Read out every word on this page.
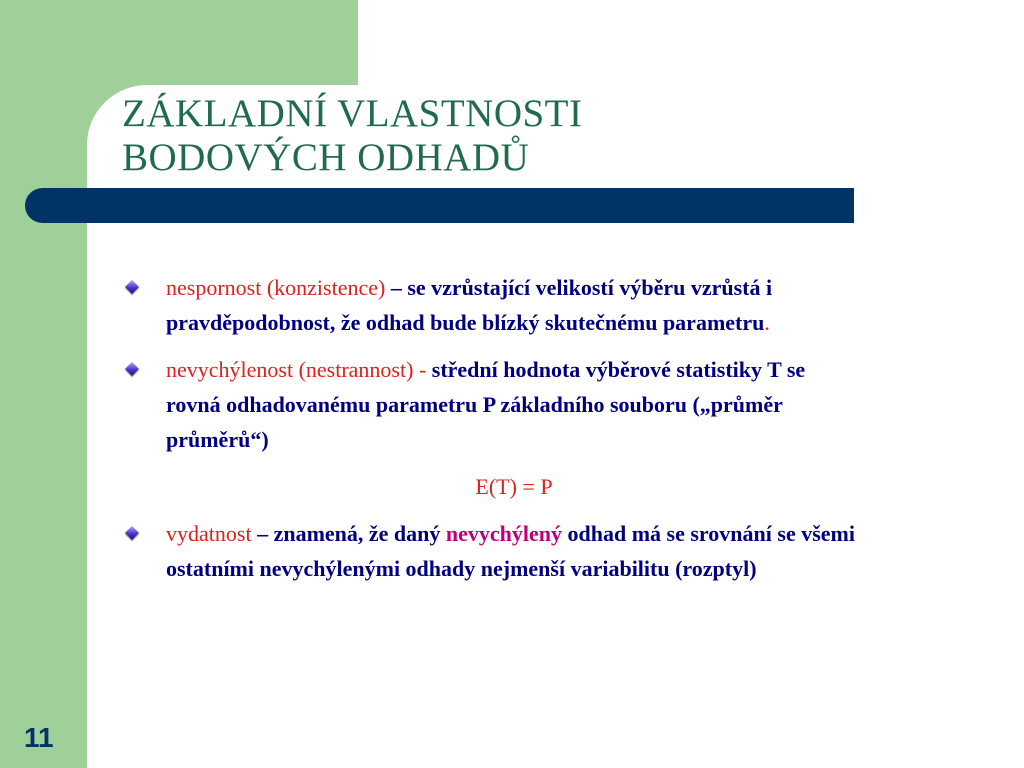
ZÁKLADNÍ VLASTNOSTI
BODOVÝCH ODHADŮ
nespornost (konzistence) – se vzrůstající velikostí výběru vzrůstá i pravděpodobnost, že odhad bude blízký skutečnému parametru.
nevychýlenost (nestrannost) - střední hodnota výběrové statistiky T se rovná odhadovanému parametru P základního souboru („průměr průměrů“)
E(T) = P
vydatnost – znamená, že daný nevychýlený odhad má se srovnání se všemi ostatními nevychýlenými odhady nejmenší variabilitu (rozptyl)
11
